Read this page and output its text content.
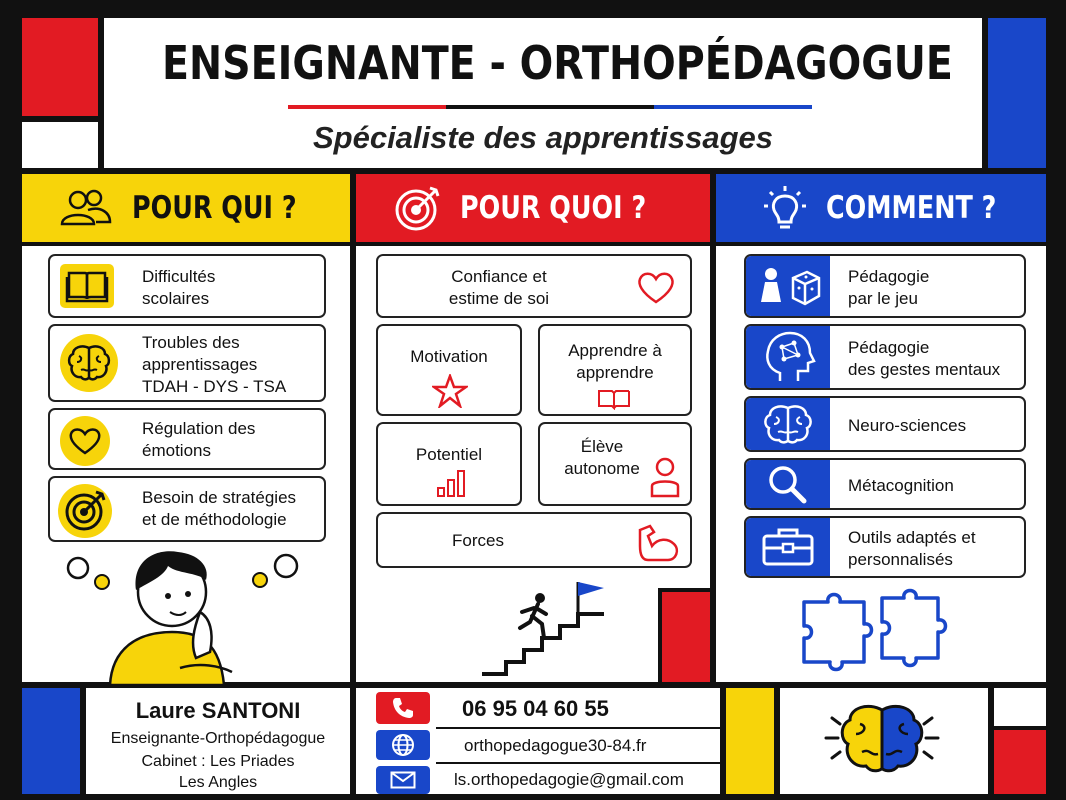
ENSEIGNANTE - ORTHOPÉDAGOGUE
Spécialiste des apprentissages
POUR QUI ?	POUR QUOI ?	COMMENT ?
Difficultés
scolaires
Troubles des
apprentissages
TDAH - DYS - TSA
Régulation des
émotions
Besoin de stratégies
et de méthodologie
Confiance et
estime de soi
Motivation	Apprendre à
apprendre
Potentiel	Élève
autonome
Forces
Pédagogie
par le jeu
Pédagogie
des gestes mentaux
Neuro-sciences
Métacognition
Outils adaptés et
personnalisés
Laure SANTONI
Enseignante-Orthopédagogue
Cabinet : Les Priades
Les Angles
06 95 04 60 55
orthopedagogue30-84.fr
ls.orthopedagogie@gmail.com
